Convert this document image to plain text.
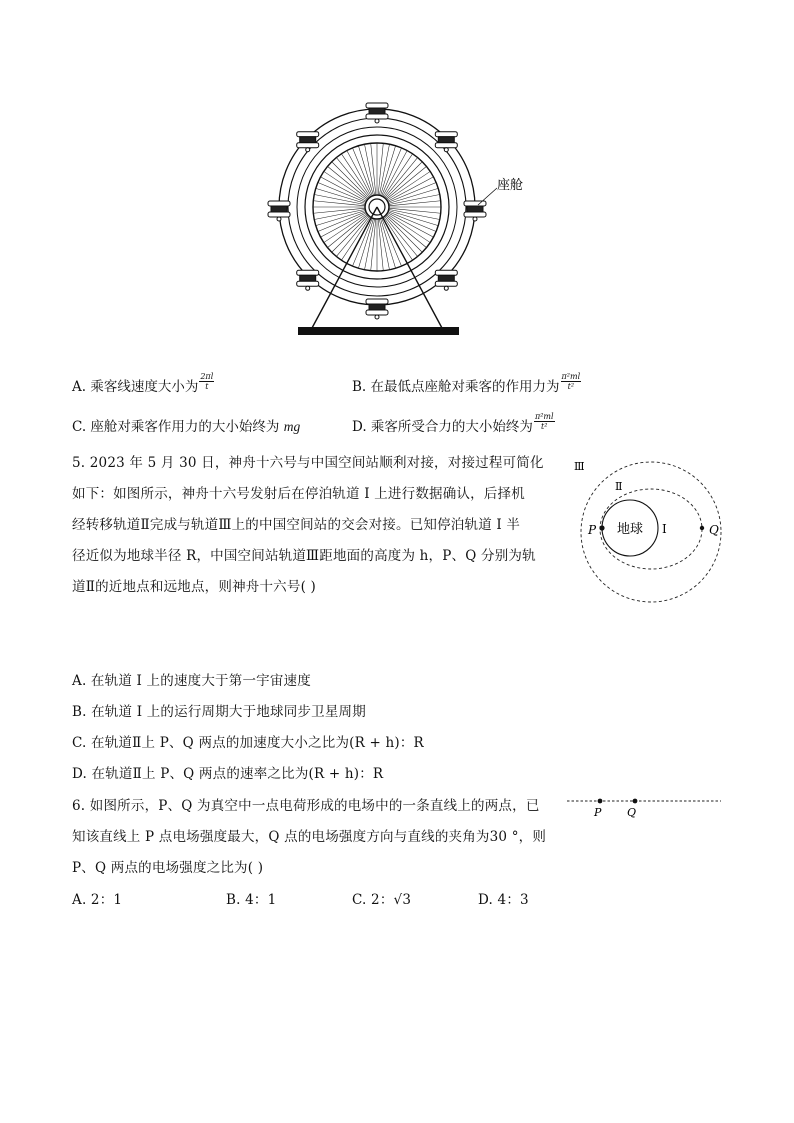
座舱
A. 乘客线速度大小为 $\frac{2\pi l}{t}$	B. 在最低点座舱对乘客的作用力为 $\frac{\text{π²ml}}{\text{t²}}$
C. 座舱对乘客作用力的大小始终为 mg	D. 乘客所受合力的大小始终为 $\frac{\text{π²ml}}{\text{t²}}$
5. 2023 年 5 月 30 日，神舟十六号与中国空间站顺利对接，对接过程可简化
如下：如图所示，神舟十六号发射后在停泊轨道 I 上进行数据确认，后择机
经转移轨道Ⅱ完成与轨道Ⅲ上的中国空间站的交会对接。已知停泊轨道 I 半
径近似为地球半径 R，中国空间站轨道Ⅲ距地面的高度为 h，P、Q 分别为轨
道Ⅱ的近地点和远地点，则神舟十六号( )
Ⅲ
Ⅱ
地球 I
P	Q
A. 在轨道 I 上的速度大于第一宇宙速度
B. 在轨道 I 上的运行周期大于地球同步卫星周期
C. 在轨道Ⅱ上 P、Q 两点的加速度大小之比为(R + h)：R
D. 在轨道Ⅱ上 P、Q 两点的速率之比为(R + h)：R
6. 如图所示，P、Q 为真空中一点电荷形成的电场中的一条直线上的两点，已
知该直线上 P 点电场强度最大，Q 点的电场强度方向与直线的夹角为30 °，则
P、Q 两点的电场强度之比为( )
P Q
A. 2：1	B. 4：1	C. 2：√3	D. 4：3
